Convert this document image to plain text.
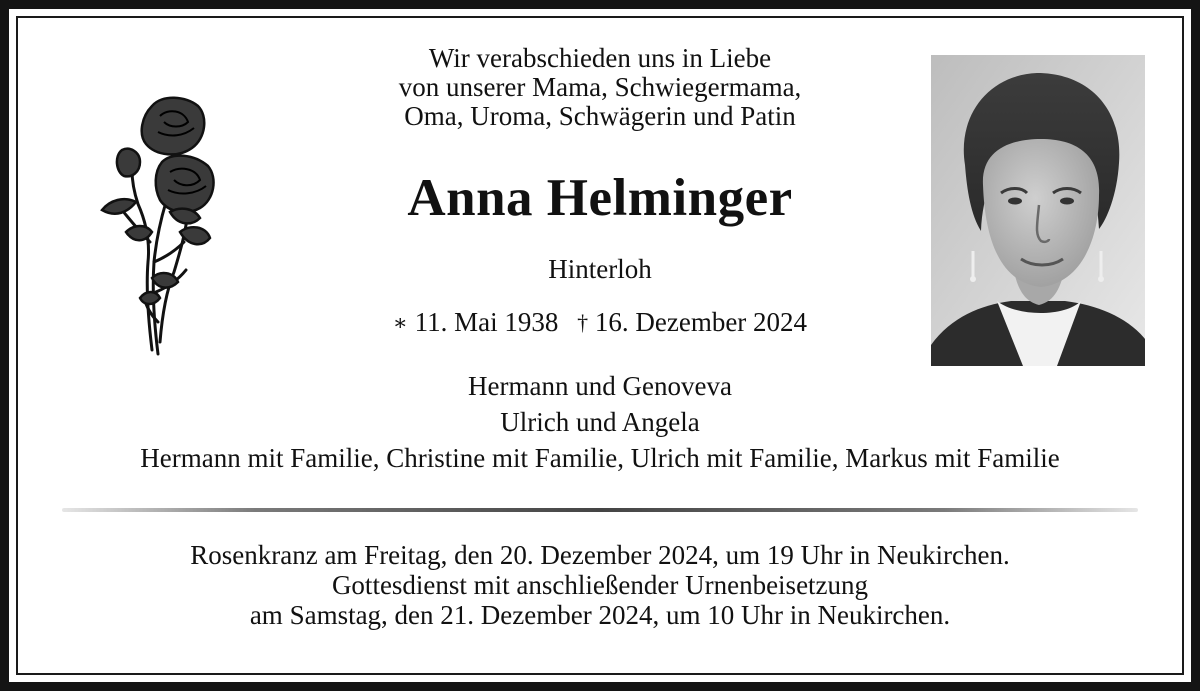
Wir verabschieden uns in Liebe
von unserer Mama, Schwiegermama,
Oma, Uroma, Schwägerin und Patin
Anna Helminger
Hinterloh
∗ 11. Mai 1938 † 16. Dezember 2024
Hermann und Genoveva
Ulrich und Angela
Hermann mit Familie, Christine mit Familie, Ulrich mit Familie, Markus mit Familie
Rosenkranz am Freitag, den 20. Dezember 2024, um 19 Uhr in Neukirchen.
Gottesdienst mit anschließender Urnenbeisetzung
am Samstag, den 21. Dezember 2024, um 10 Uhr in Neukirchen.
